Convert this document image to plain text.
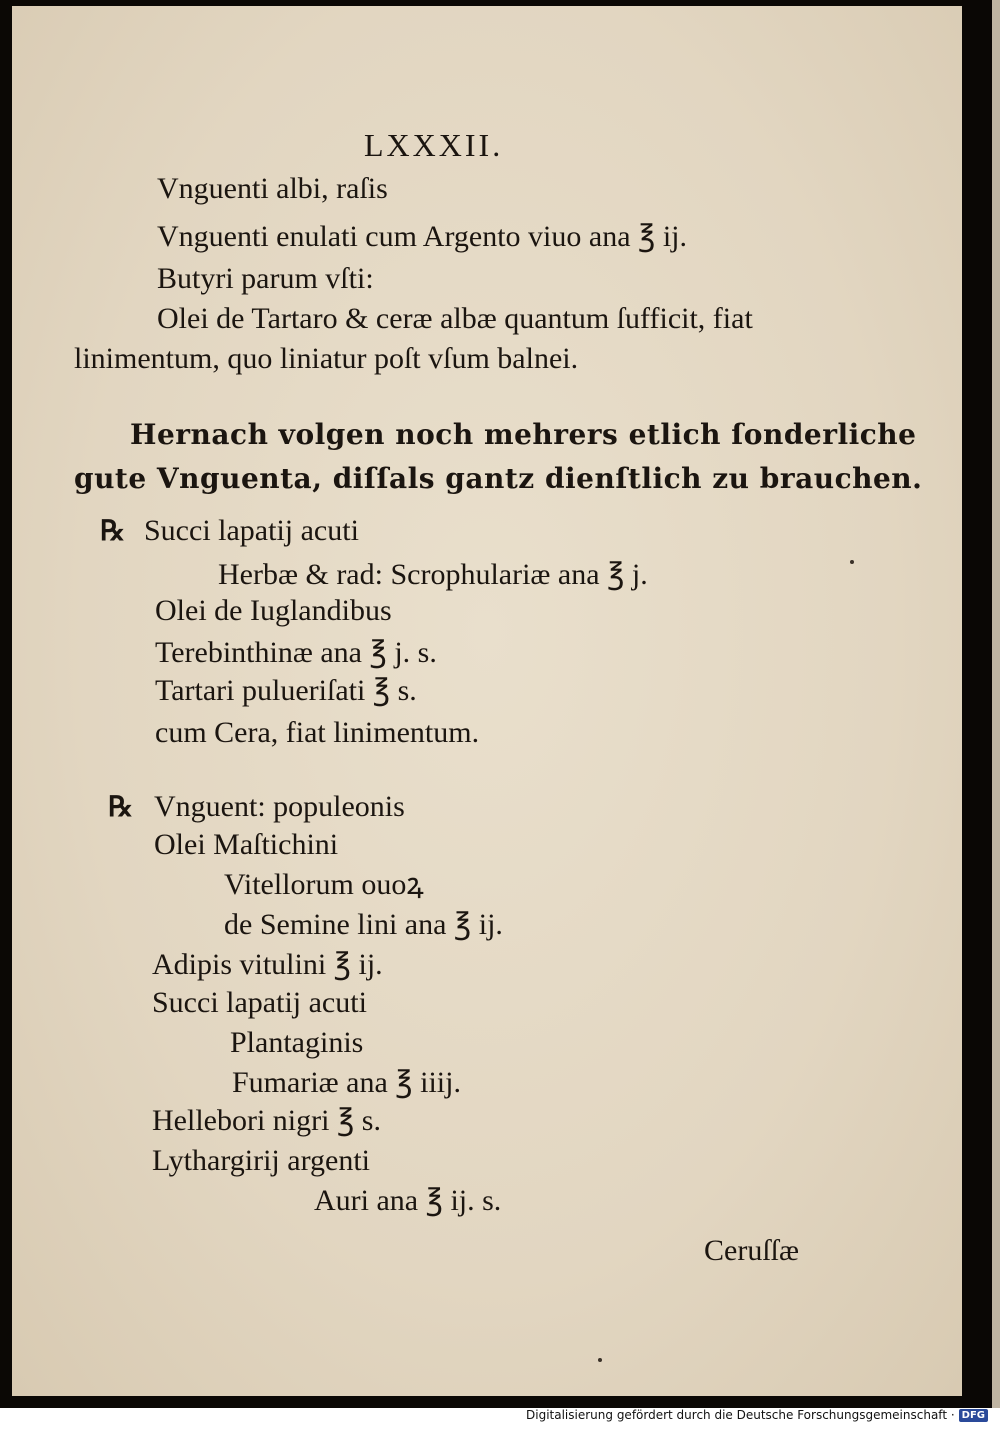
LXXXII.
Vnguenti albi, raſis
Vnguenti enulati cum Argento viuo ana ℥ ij.
Butyri parum vſti:
Olei de Tartaro & ceræ albæ quantum ſufficit, fiat
linimentum, quo liniatur poſt vſum balnei.
Hernach volgen noch mehrers etlich ſonderliche
gute Vnguenta, diſſals gantz dienſtlich zu brauchen.
℞ Succi lapatij acuti
Herbæ & rad: Scrophulariæ ana ℥ j.
Olei de Iuglandibus
Terebinthinæ ana ℥ j. s.
Tartari pulueriſati ℥ s.
cum Cera, fiat linimentum.
℞ Vnguent: populeonis
Olei Maſtichini
Vitellorum ouoꝝ
de Semine lini ana ℥ ij.
Adipis vitulini ℥ ij.
Succi lapatij acuti
Plantaginis
Fumariæ ana ℥ iiij.
Hellebori nigri ℥ s.
Lythargirij argenti
Auri ana ℥ ij. s.
Ceruſſæ
Digitalisierung gefördert durch die Deutsche Forschungsgemeinschaft · DFG
